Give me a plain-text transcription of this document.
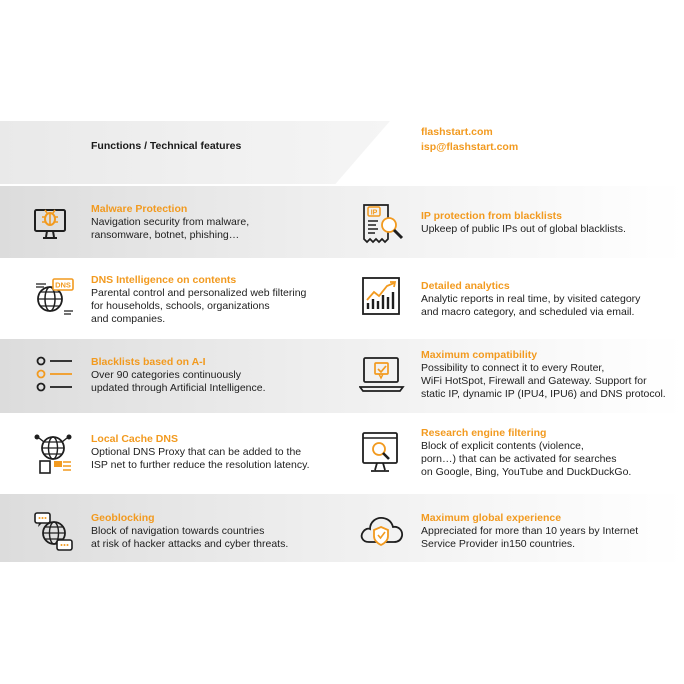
Functions / Technical features
flashstart.com
isp@flashstart.com
Malware Protection
Navigation security from malware,
ransomware, botnet, phishing…
DNS DNS Intelligence on contents
Parental control and personalized web filtering
for households, schools, organizations
and companies.
Blacklists based on A-I
Over 90 categories continuously
updated through Artificial Intelligence.
Local Cache DNS
Optional DNS Proxy that can be added to the
ISP net to further reduce the resolution latency.
Geoblocking
Block of navigation towards countries
at risk of hacker attacks and cyber threats.
IP	IP protection from blacklists
Upkeep of public IPs out of global blacklists.
Detailed analytics
Analytic reports in real time, by visited category
and macro category, and scheduled via email.
Maximum compatibility
Possibility to connect it to every Router,
WiFi HotSpot, Firewall and Gateway. Support for
static IP, dynamic IP (IPU4, IPU6) and DNS protocol.
Research engine filtering
Block of explicit contents (violence,
porn…) that can be activated for searches
on Google, Bing, YouTube and DuckDuckGo.
Maximum global experience
Appreciated for more than 10 years by Internet
Service Provider in150 countries.
